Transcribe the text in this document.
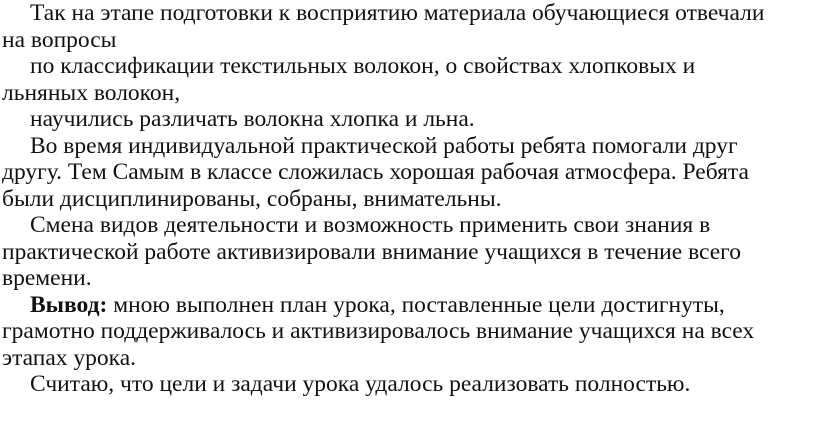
Так на этапе подготовки к восприятию материала обучающиеся отвечали
на вопросы
по классификации текстильных волокон, о свойствах хлопковых и
льняных волокон,
научились различать волокна хлопка и льна.
Во время индивидуальной практической работы ребята помогали друг
другу. Тем Самым в классе сложилась хорошая рабочая атмосфера. Ребята
были дисциплинированы, собраны, внимательны.
Смена видов деятельности и возможность применить свои знания в
практической работе активизировали внимание учащихся в течение всего
времени.
Вывод: мною выполнен план урока, поставленные цели достигнуты,
грамотно поддерживалось и активизировалось внимание учащихся на всех
этапах урока.
Считаю, что цели и задачи урока удалось реализовать полностью.
